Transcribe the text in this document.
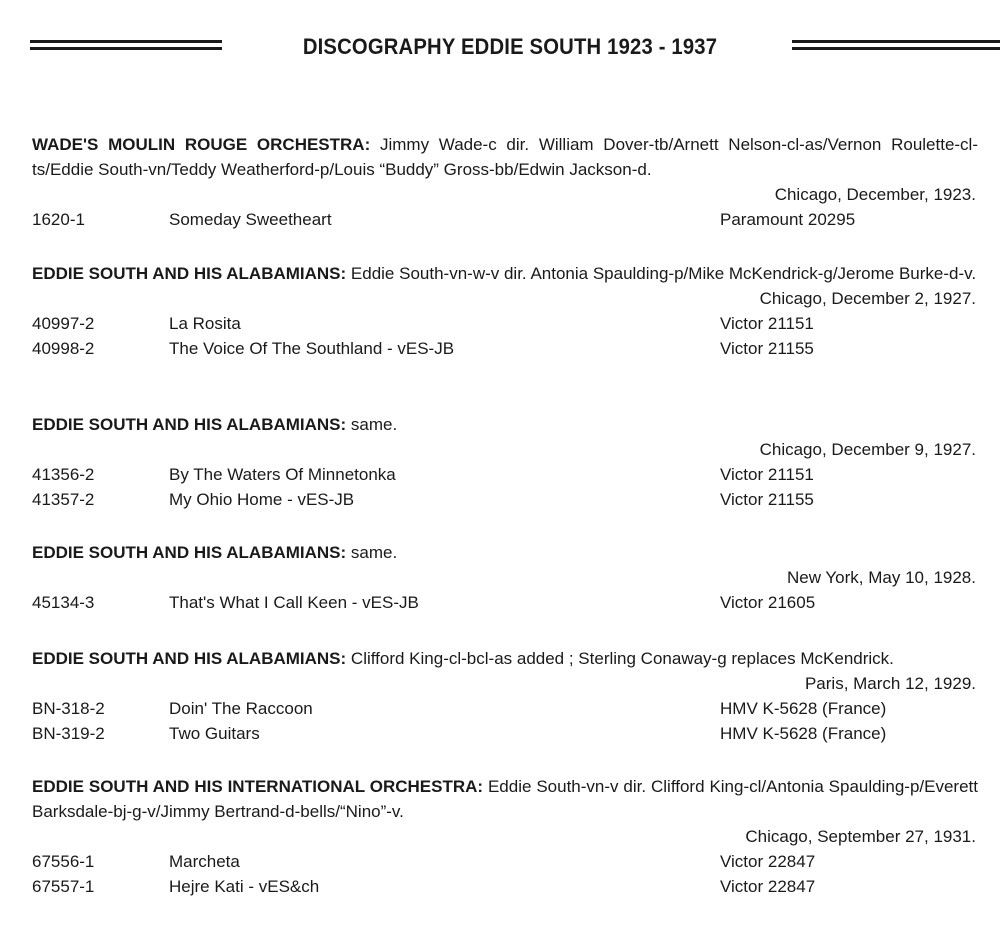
DISCOGRAPHY EDDIE SOUTH 1923 - 1937
WADE'S MOULIN ROUGE ORCHESTRA: Jimmy Wade-c dir. William Dover-tb/Arnett Nelson-cl-as/Vernon Roulette-cl-ts/Eddie South-vn/Teddy Weatherford-p/Louis “Buddy” Gross-bb/Edwin Jackson-d.
Chicago, December, 1923.
1620-1	Someday Sweetheart	Paramount 20295
EDDIE SOUTH AND HIS ALABAMIANS: Eddie South-vn-w-v dir. Antonia Spaulding-p/Mike McKendrick-g/Jerome Burke-d-v.
Chicago, December 2, 1927.
40997-2	La Rosita	Victor 21151
40998-2	The Voice Of The Southland - vES-JB	Victor 21155
EDDIE SOUTH AND HIS ALABAMIANS: same.
Chicago, December 9, 1927.
41356-2	By The Waters Of Minnetonka	Victor 21151
41357-2	My Ohio Home - vES-JB	Victor 21155
EDDIE SOUTH AND HIS ALABAMIANS: same.
New York, May 10, 1928.
45134-3	That's What I Call Keen - vES-JB	Victor 21605
EDDIE SOUTH AND HIS ALABAMIANS: Clifford King-cl-bcl-as added ; Sterling Conaway-g replaces McKendrick.
Paris, March 12, 1929.
BN-318-2	Doin' The Raccoon	HMV K-5628 (France)
BN-319-2	Two Guitars	HMV K-5628 (France)
EDDIE SOUTH AND HIS INTERNATIONAL ORCHESTRA: Eddie South-vn-v dir. Clifford King-cl/Antonia Spaulding-p/Everett Barksdale-bj-g-v/Jimmy Bertrand-d-bells/“Nino”-v.
Chicago, September 27, 1931.
67556-1	Marcheta	Victor 22847
67557-1	Hejre Kati - vES&ch	Victor 22847
